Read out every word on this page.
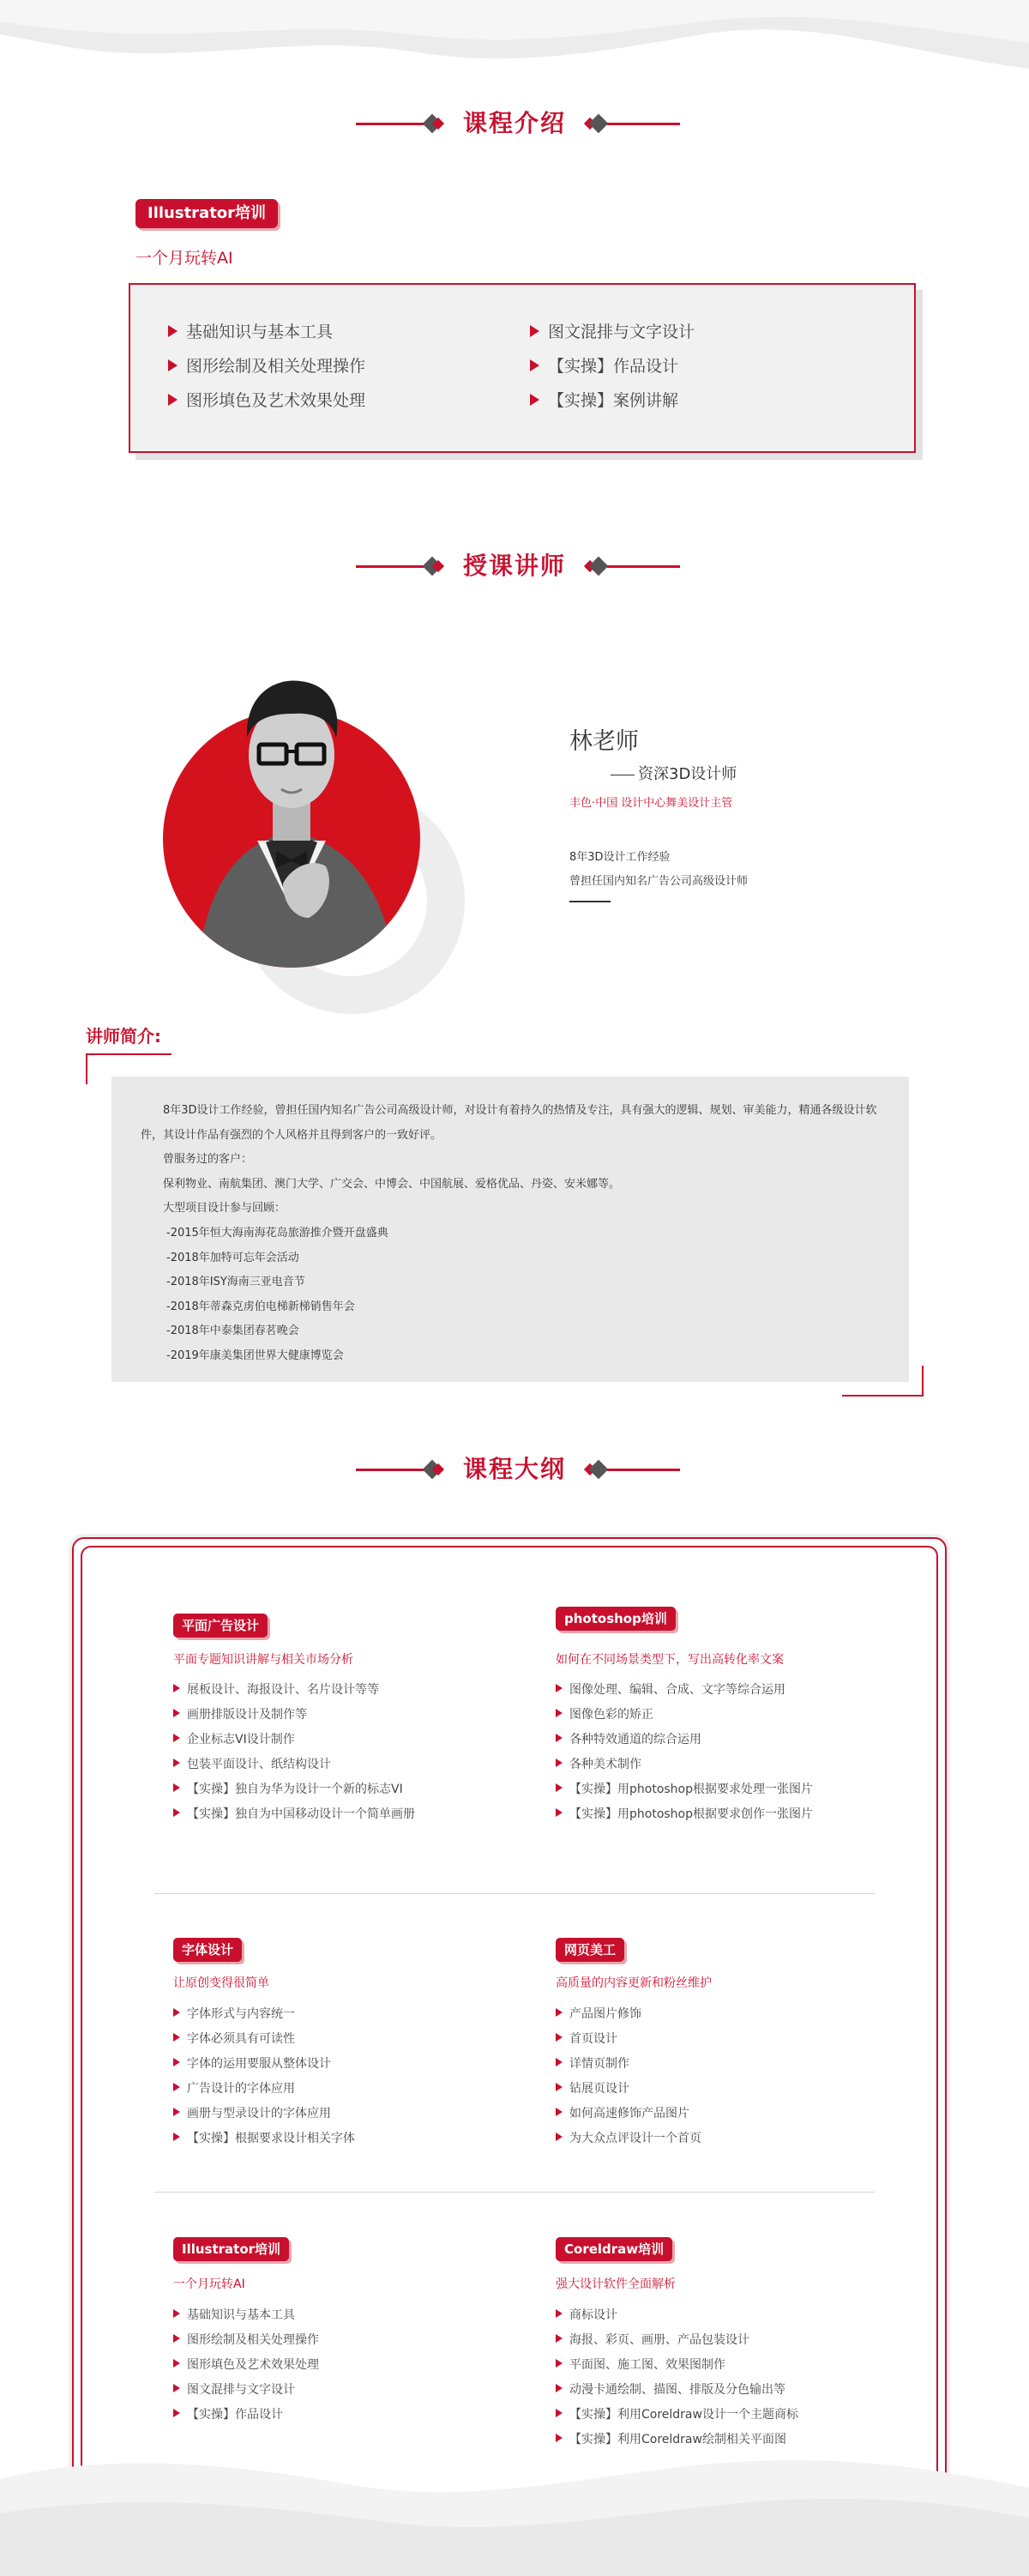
课程介绍
Illustrator培训
一个月玩转AI
基础知识与基本工具
图形绘制及相关处理操作
图形填色及艺术效果处理
图文混排与文字设计
【实操】作品设计
【实操】案例讲解
授课讲师
林老师
资深3D设计师
丰色·中国 设计中心舞美设计主管
8年3D设计工作经验
曾担任国内知名广告公司高级设计师
讲师简介:
8年3D设计工作经验，曾担任国内知名广告公司高级设计师，对设计有着持久的热情及专注，具有强大的逻辑、规划、审美能力，精通各级设计软件，其设计作品有强烈的个人风格并且得到客户的一致好评。
曾服务过的客户：
保利物业、南航集团、澳门大学、广交会、中博会、中国航展、爱格优品、丹姿、安米娜等。
大型项目设计参与回顾：
-2015年恒大海南海花岛旅游推介暨开盘盛典
-2018年加特可忘年会活动
-2018年ISY海南三亚电音节
-2018年蒂森克虏伯电梯新梯销售年会
-2018年中泰集团春茗晚会
-2019年康美集团世界大健康博览会
课程大纲
平面广告设计
平面专题知识讲解与相关市场分析
展板设计、海报设计、名片设计等等
画册排版设计及制作等
企业标志VI设计制作
包装平面设计、纸结构设计
【实操】独自为华为设计一个新的标志VI
【实操】独自为中国移动设计一个简单画册
photoshop培训
如何在不同场景类型下，写出高转化率文案
图像处理、编辑、合成、文字等综合运用
图像色彩的矫正
各种特效通道的综合运用
各种美术制作
【实操】用photoshop根据要求处理一张图片
【实操】用photoshop根据要求创作一张图片
字体设计
让原创变得很简单
字体形式与内容统一
字体必须具有可读性
字体的运用要服从整体设计
广告设计的字体应用
画册与型录设计的字体应用
【实操】根据要求设计相关字体
网页美工
高质量的内容更新和粉丝维护
产品图片修饰
首页设计
详情页制作
钻展页设计
如何高速修饰产品图片
为大众点评设计一个首页
Illustrator培训
一个月玩转AI
基础知识与基本工具
图形绘制及相关处理操作
图形填色及艺术效果处理
图文混排与文字设计
【实操】作品设计
Coreldraw培训
强大设计软件全面解析
商标设计
海报、彩页、画册、产品包装设计
平面图、施工图、效果图制作
动漫卡通绘制、描图、排版及分色输出等
【实操】利用Coreldraw设计一个主题商标
【实操】利用Coreldraw绘制相关平面图
